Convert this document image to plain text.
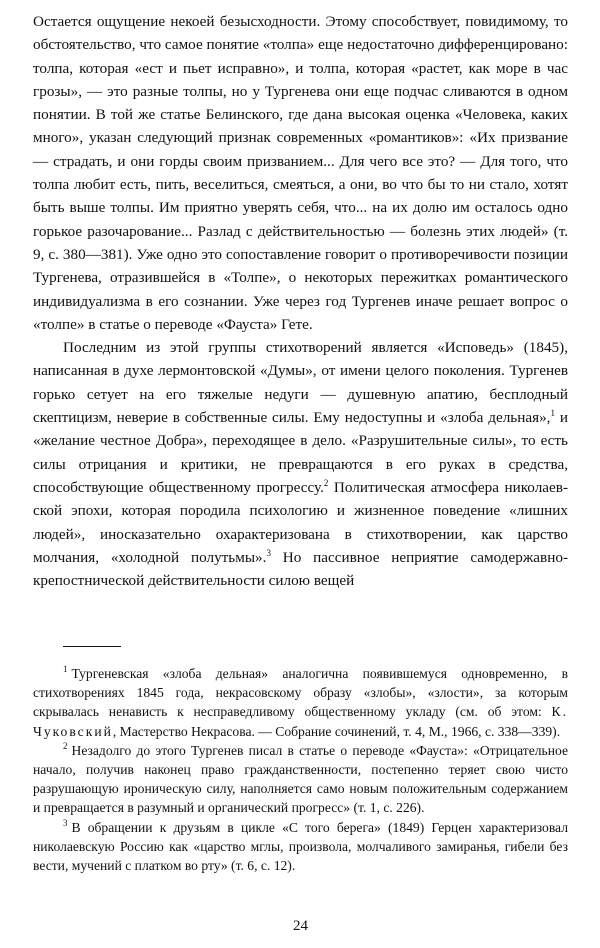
Остается ощущение некоей безысходности. Этому способствует, повидимому, то обстоятельство, что самое понятие «толпа» еще недостаточно дифференцировано: толпа, которая «ест и пьет исправно», и толпа, которая «растет, как море в час грозы», — это разные толпы, но у Тургенева они еще подчас сливаются в одном понятии. В той же статье Белинского, где дана высокая оценка «Человека, каких много», указан следующий признак современных «романтиков»: «Их призвание — страдать, и они горды своим призванием... Для чего все это? — Для того, что толпа любит есть, пить, веселиться, смеяться, а они, во что бы то ни стало, хотят быть выше толпы. Им приятно уверять себя, что... на их долю им осталось одно горькое разочарование... Разлад с действительностью — болезнь этих людей» (т. 9, с. 380—381). Уже одно это сопоставление говорит о противоречивости позиции Тургенева, отразившейся в «Толпе», о некоторых пережитках романтического индивидуализма в его сознании. Уже через год Тургенев иначе решает вопрос о «толпе» в статье о переводе «Фауста» Гете.

Последним из этой группы стихотворений является «Исповедь» (1845), написанная в духе лермонтовской «Думы», от имени целого поколения. Тургенев горько сетует на его тяжелые недуги — душевную апатию, бесплодный скептицизм, неверие в собственные силы. Ему недоступны и «злоба дельная»,$^1$ и «желание честное Добра», переходящее в дело. «Разрушительные силы», то есть силы отрицания и критики, не превращаются в его руках в средства, способствующие общественному прогрессу.$^2$ Политическая атмосфера николаевской эпохи, которая породила психологию и жизненное поведение «лишних людей», иносказательно охарактеризована в стихотворении, как царство молчания, «холодной полутьмы».$^3$ Но пассивное неприятие самодержавно-крепостнической действительности силою вещей

$^1$ Тургеневская «злоба дельная» аналогична появившемуся одновременно, в стихотворениях 1845 года, некрасовскому образу «злобы», «злости», за которым скрывалась ненависть к несправедливому общественному укладу (см. об этом: К. Чуковский, Мастерство Некрасова. — Собрание сочинений, т. 4, М., 1966, с. 338—339).

$^2$ Незадолго до этого Тургенев писал в статье о переводе «Фауста»: «Отрицательное начало, получив наконец право гражданственности, постепенно теряет свою чисто разрушающую ироническую силу, наполняется само новым положительным содержанием и превращается в разумный и органический прогресс» (т. 1, с. 226).

$^3$ В обращении к друзьям в цикле «С того берега» (1849) Герцен характеризовал николаевскую Россию как «царство мглы, произвола, молчаливого замиранья, гибели без вести, мучений с платком во рту» (т. 6, с. 12).

24
